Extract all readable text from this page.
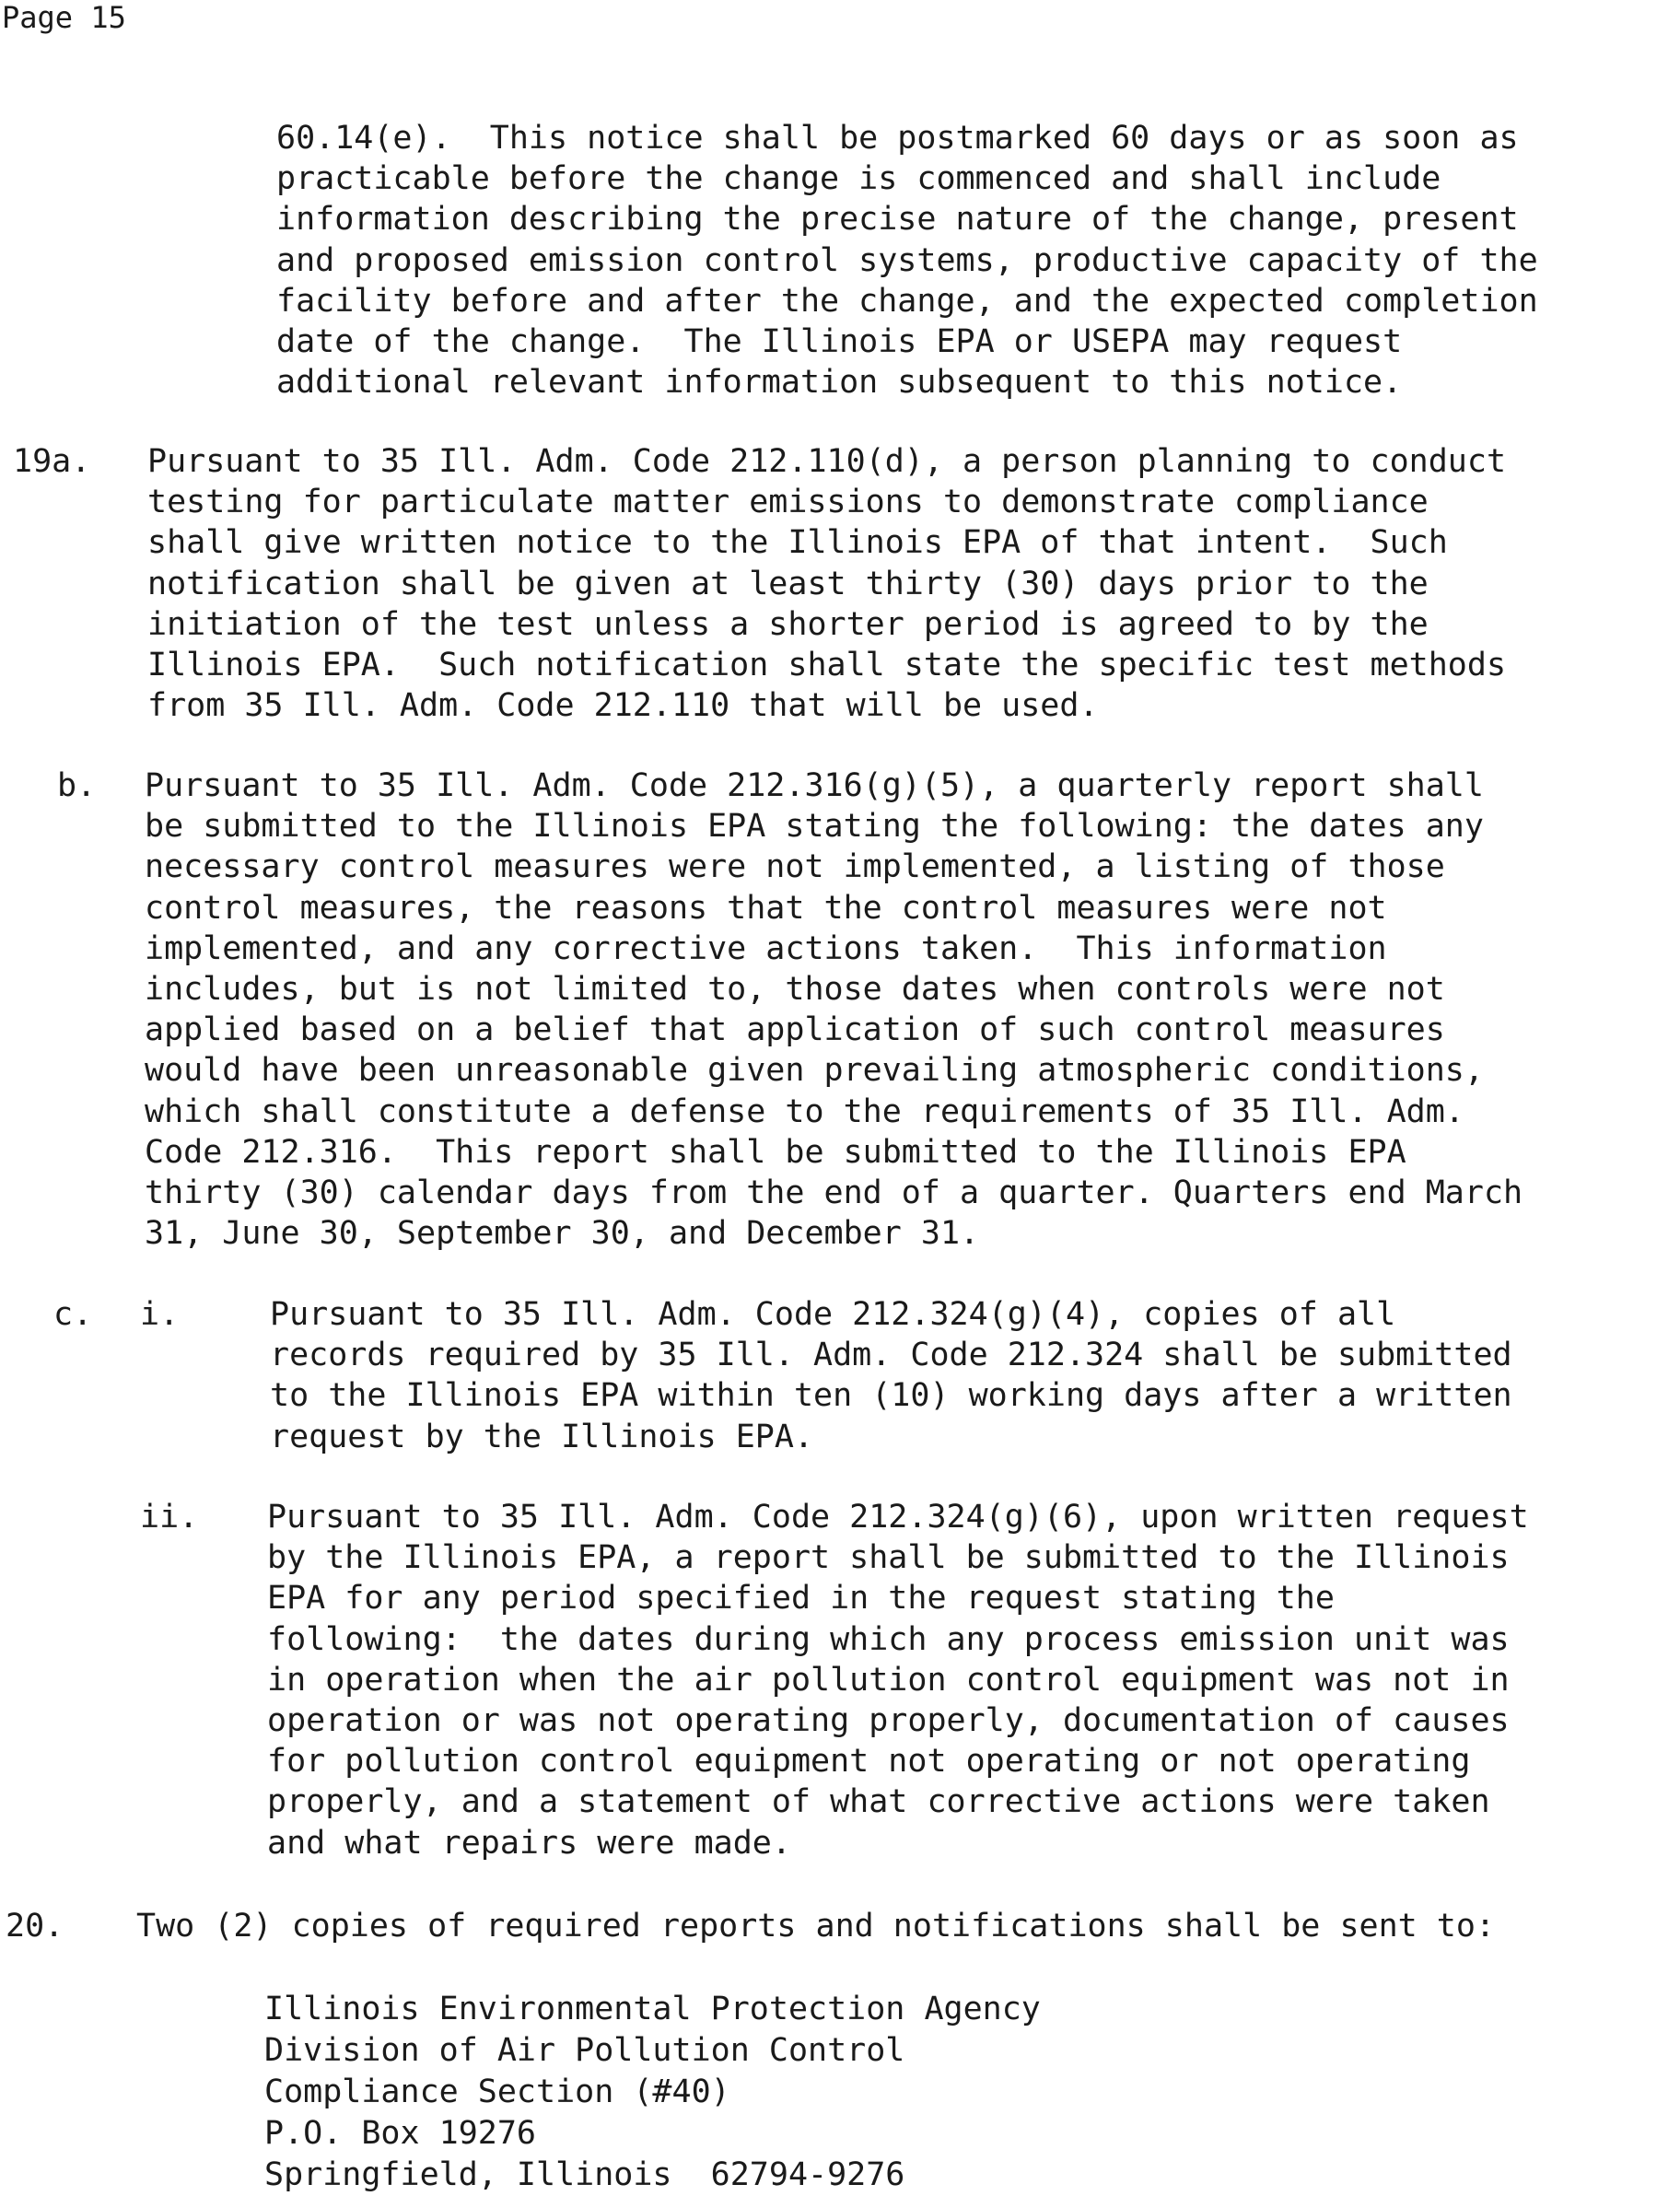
Page 15
60.14(e).  This notice shall be postmarked 60 days or as soon as
practicable before the change is commenced and shall include
information describing the precise nature of the change, present
and proposed emission control systems, productive capacity of the
facility before and after the change, and the expected completion
date of the change.  The Illinois EPA or USEPA may request
additional relevant information subsequent to this notice.
19a. Pursuant to 35 Ill. Adm. Code 212.110(d), a person planning to conduct
testing for particulate matter emissions to demonstrate compliance
shall give written notice to the Illinois EPA of that intent.  Such
notification shall be given at least thirty (30) days prior to the
initiation of the test unless a shorter period is agreed to by the
Illinois EPA.  Such notification shall state the specific test methods
from 35 Ill. Adm. Code 212.110 that will be used.
b. Pursuant to 35 Ill. Adm. Code 212.316(g)(5), a quarterly report shall
be submitted to the Illinois EPA stating the following: the dates any
necessary control measures were not implemented, a listing of those
control measures, the reasons that the control measures were not
implemented, and any corrective actions taken.  This information
includes, but is not limited to, those dates when controls were not
applied based on a belief that application of such control measures
would have been unreasonable given prevailing atmospheric conditions,
which shall constitute a defense to the requirements of 35 Ill. Adm.
Code 212.316.  This report shall be submitted to the Illinois EPA
thirty (30) calendar days from the end of a quarter. Quarters end March
31, June 30, September 30, and December 31.
c. i.	Pursuant to 35 Ill. Adm. Code 212.324(g)(4), copies of all
records required by 35 Ill. Adm. Code 212.324 shall be submitted
to the Illinois EPA within ten (10) working days after a written
request by the Illinois EPA.
ii. Pursuant to 35 Ill. Adm. Code 212.324(g)(6), upon written request
by the Illinois EPA, a report shall be submitted to the Illinois
EPA for any period specified in the request stating the
following:  the dates during which any process emission unit was
in operation when the air pollution control equipment was not in
operation or was not operating properly, documentation of causes
for pollution control equipment not operating or not operating
properly, and a statement of what corrective actions were taken
and what repairs were made.
20. Two (2) copies of required reports and notifications shall be sent to:
Illinois Environmental Protection Agency
Division of Air Pollution Control
Compliance Section (#40)
P.O. Box 19276
Springfield, Illinois  62794-9276
